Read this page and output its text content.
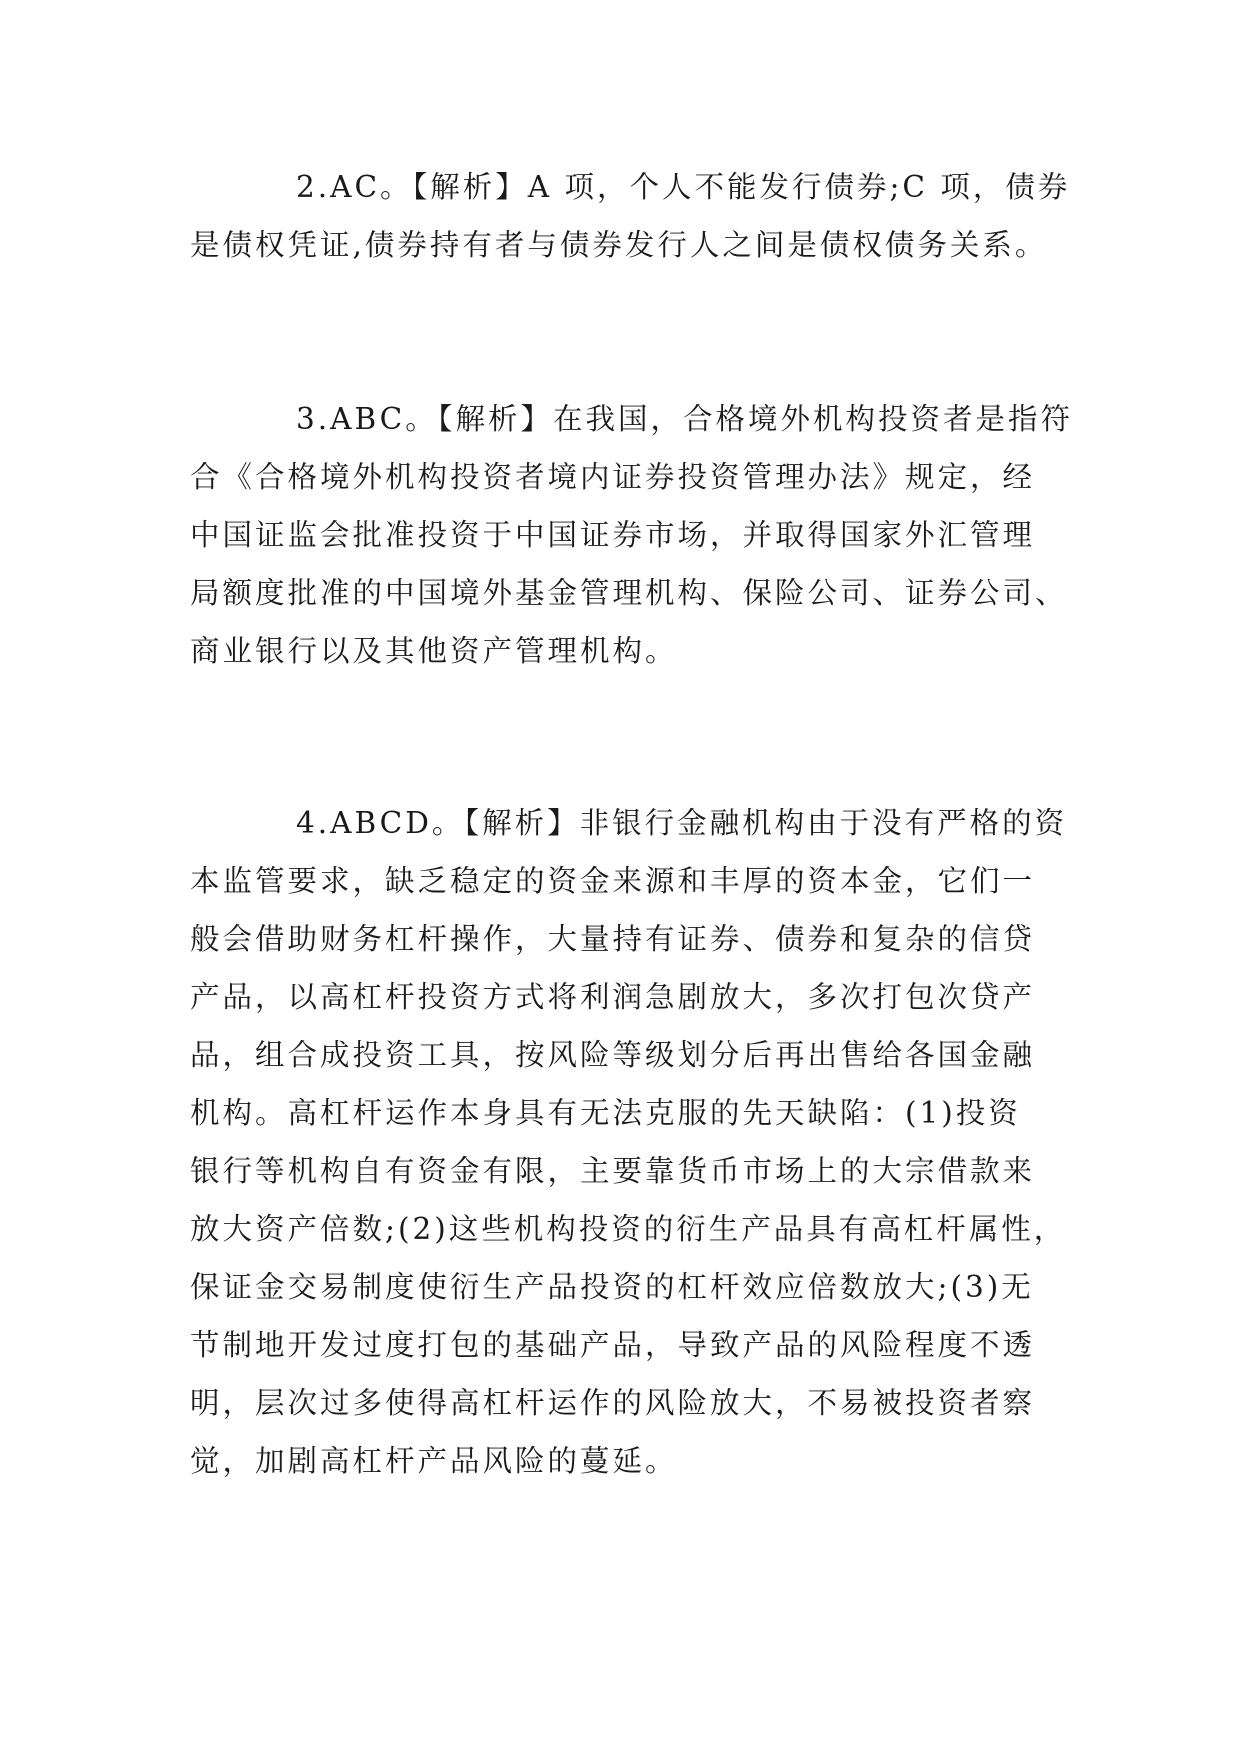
2.AC。【解析】A 项，个人不能发行债券;C 项，债券
是债权凭证,债券持有者与债券发行人之间是债权债务关系。

3.ABC。【解析】在我国，合格境外机构投资者是指符
合《合格境外机构投资者境内证券投资管理办法》规定，经
中国证监会批准投资于中国证券市场，并取得国家外汇管理
局额度批准的中国境外基金管理机构、保险公司、证券公司、
商业银行以及其他资产管理机构。

4.ABCD。【解析】非银行金融机构由于没有严格的资
本监管要求，缺乏稳定的资金来源和丰厚的资本金，它们一
般会借助财务杠杆操作，大量持有证券、债券和复杂的信贷
产品，以高杠杆投资方式将利润急剧放大，多次打包次贷产
品，组合成投资工具，按风险等级划分后再出售给各国金融
机构。高杠杆运作本身具有无法克服的先天缺陷：(1)投资
银行等机构自有资金有限，主要靠货币市场上的大宗借款来
放大资产倍数;(2)这些机构投资的衍生产品具有高杠杆属性，
保证金交易制度使衍生产品投资的杠杆效应倍数放大;(3)无
节制地开发过度打包的基础产品，导致产品的风险程度不透
明，层次过多使得高杠杆运作的风险放大，不易被投资者察
觉，加剧高杠杆产品风险的蔓延。
